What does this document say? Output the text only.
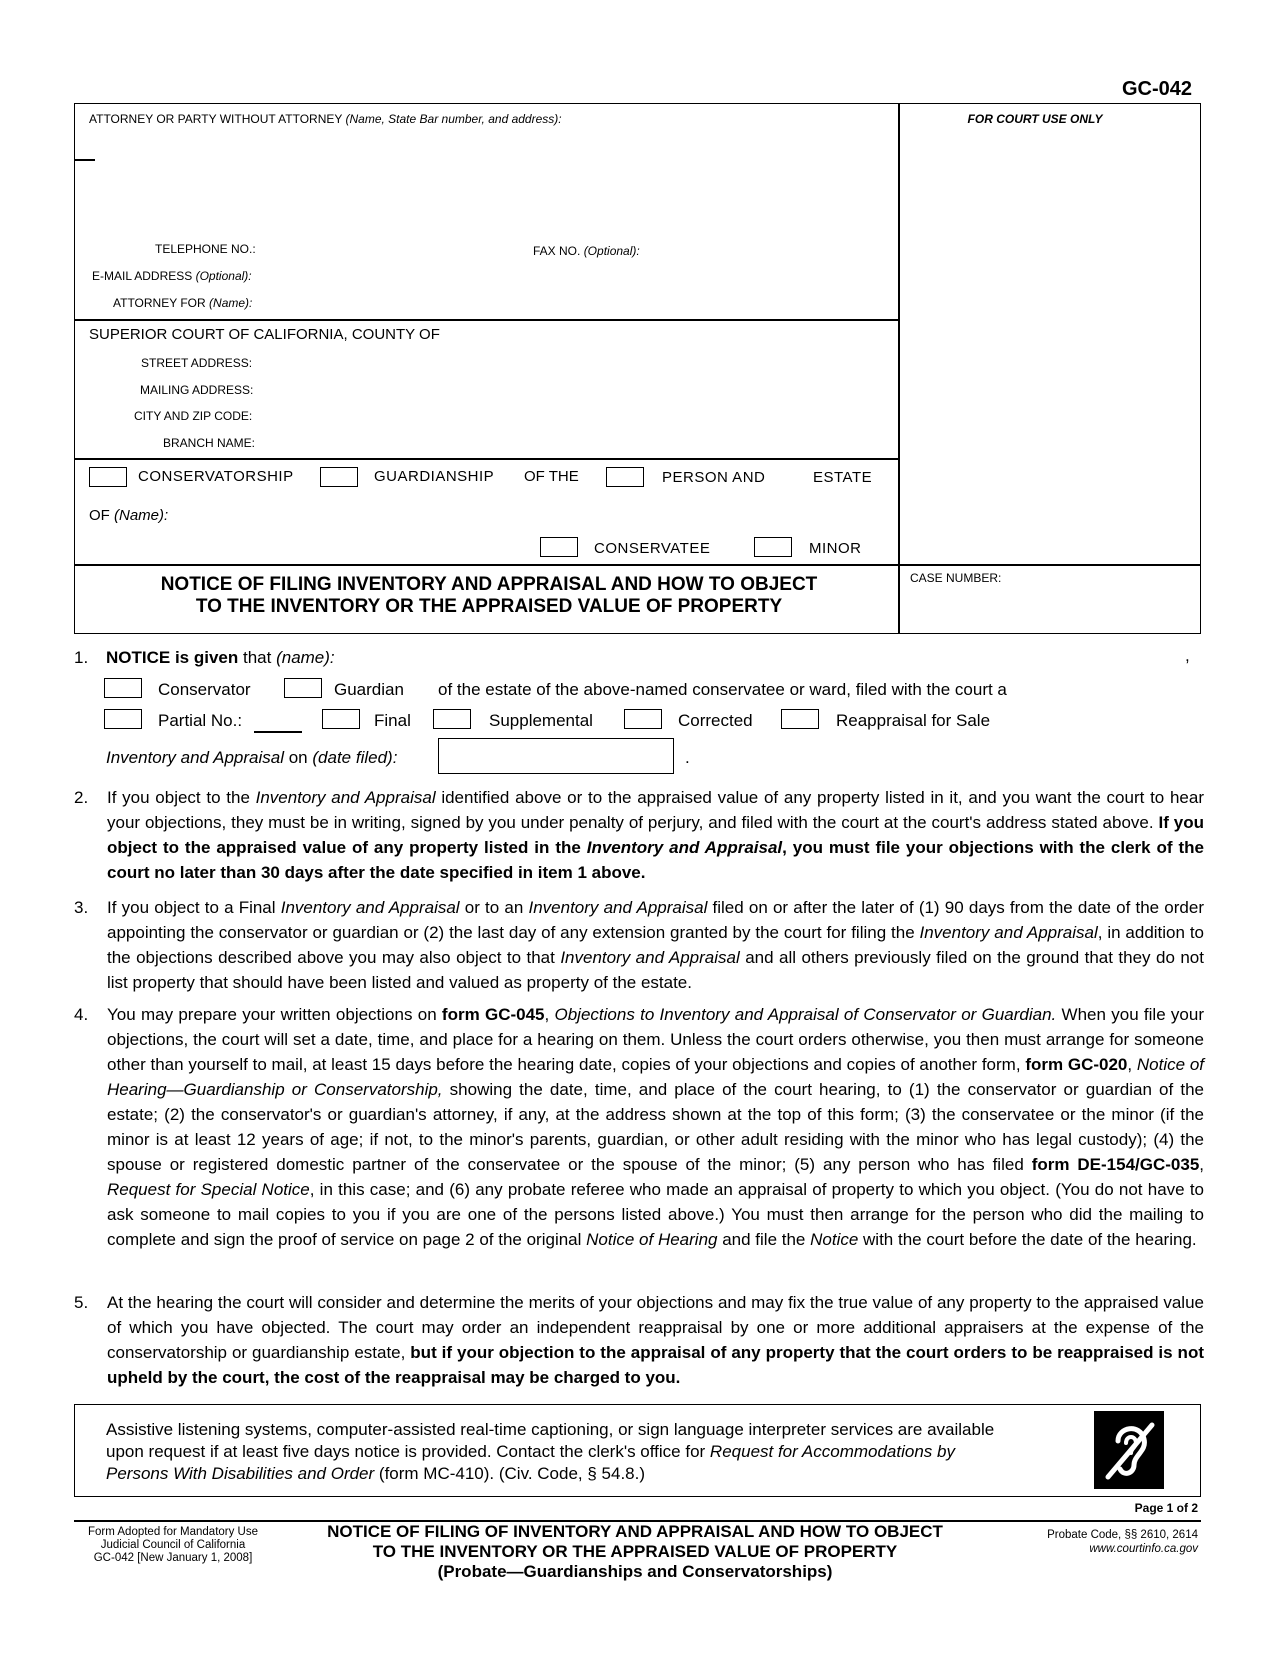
GC-042
ATTORNEY OR PARTY WITHOUT ATTORNEY (Name, State Bar number, and address):	FOR COURT USE ONLY
TELEPHONE NO.:	FAX NO. (Optional):
E-MAIL ADDRESS (Optional):
ATTORNEY FOR (Name):
SUPERIOR COURT OF CALIFORNIA, COUNTY OF
STREET ADDRESS:
MAILING ADDRESS:
CITY AND ZIP CODE:
BRANCH NAME:
CONSERVATORSHIP	GUARDIANSHIP OF THE	PERSON AND	ESTATE
OF (Name):
CONSERVATEE	MINOR
NOTICE OF FILING INVENTORY AND APPRAISAL AND HOW TO OBJECT
TO THE INVENTORY OR THE APPRAISED VALUE OF PROPERTY
CASE NUMBER:
1. NOTICE is given that (name):	,
Conservator	Guardian of the estate of the above-named conservatee or ward, filed with the court a
Partial No.:	Final	Supplemental	Corrected	Reappraisal for Sale
Inventory and Appraisal on (date filed):	.
2. If you object to the Inventory and Appraisal identified above or to the appraised value of any property listed in it, and you want the court to hear your objections, they must be in writing, signed by you under penalty of perjury, and filed with the court at the court's address stated above. If you object to the appraised value of any property listed in the Inventory and Appraisal, you must file your objections with the clerk of the court no later than 30 days after the date specified in item 1 above.
3. If you object to a Final Inventory and Appraisal or to an Inventory and Appraisal filed on or after the later of (1) 90 days from the date of the order appointing the conservator or guardian or (2) the last day of any extension granted by the court for filing the Inventory and Appraisal, in addition to the objections described above you may also object to that Inventory and Appraisal and all others previously filed on the ground that they do not list property that should have been listed and valued as property of the estate.
4. You may prepare your written objections on form GC-045, Objections to Inventory and Appraisal of Conservator or Guardian. When you file your objections, the court will set a date, time, and place for a hearing on them. Unless the court orders otherwise, you then must arrange for someone other than yourself to mail, at least 15 days before the hearing date, copies of your objections and copies of another form, form GC-020, Notice of Hearing—Guardianship or Conservatorship, showing the date, time, and place of the court hearing, to (1) the conservator or guardian of the estate; (2) the conservator's or guardian's attorney, if any, at the address shown at the top of this form; (3) the conservatee or the minor (if the minor is at least 12 years of age; if not, to the minor's parents, guardian, or other adult residing with the minor who has legal custody); (4) the spouse or registered domestic partner of the conservatee or the spouse of the minor; (5) any person who has filed form DE-154/GC-035, Request for Special Notice, in this case; and (6) any probate referee who made an appraisal of property to which you object. (You do not have to ask someone to mail copies to you if you are one of the persons listed above.) You must then arrange for the person who did the mailing to complete and sign the proof of service on page 2 of the original Notice of Hearing and file the Notice with the court before the date of the hearing.
5. At the hearing the court will consider and determine the merits of your objections and may fix the true value of any property to the appraised value of which you have objected. The court may order an independent reappraisal by one or more additional appraisers at the expense of the conservatorship or guardianship estate, but if your objection to the appraisal of any property that the court orders to be reappraised is not upheld by the court, the cost of the reappraisal may be charged to you.
Assistive listening systems, computer-assisted real-time captioning, or sign language interpreter services are available upon request if at least five days notice is provided. Contact the clerk's office for Request for Accommodations by Persons With Disabilities and Order (form MC-410). (Civ. Code, § 54.8.)
Page 1 of 2
Form Adopted for Mandatory Use
Judicial Council of California
GC-042 [New January 1, 2008]
NOTICE OF FILING OF INVENTORY AND APPRAISAL AND HOW TO OBJECT
TO THE INVENTORY OR THE APPRAISED VALUE OF PROPERTY
(Probate—Guardianships and Conservatorships)
Probate Code, §§ 2610, 2614
www.courtinfo.ca.gov
